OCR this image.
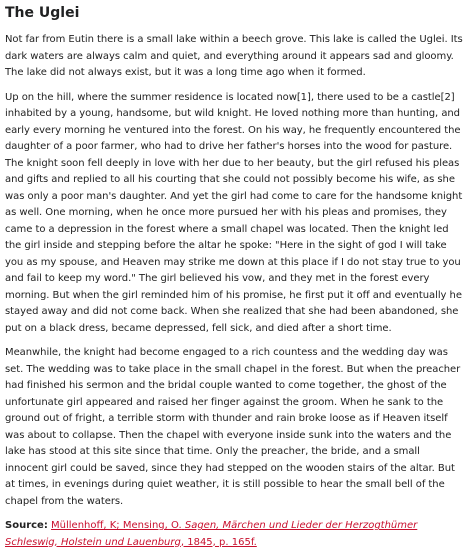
The Uglei

Not far from Eutin there is a small lake within a beech grove. This lake is called the Uglei. Its dark waters are always calm and quiet, and everything around it appears sad and gloomy. The lake did not always exist, but it was a long time ago when it formed.

Up on the hill, where the summer residence is located now[1], there used to be a castle[2] inhabited by a young, handsome, but wild knight. He loved nothing more than hunting, and early every morning he ventured into the forest. On his way, he frequently encountered the daughter of a poor farmer, who had to drive her father's horses into the wood for pasture. The knight soon fell deeply in love with her due to her beauty, but the girl refused his pleas and gifts and replied to all his courting that she could not possibly become his wife, as she was only a poor man's daughter. And yet the girl had come to care for the handsome knight as well. One morning, when he once more pursued her with his pleas and promises, they came to a depression in the forest where a small chapel was located. Then the knight led the girl inside and stepping before the altar he spoke: "Here in the sight of god I will take you as my spouse, and Heaven may strike me down at this place if I do not stay true to you and fail to keep my word." The girl believed his vow, and they met in the forest every morning. But when the girl reminded him of his promise, he first put it off and eventually he stayed away and did not come back. When she realized that she had been abandoned, she put on a black dress, became depressed, fell sick, and died after a short time.

Meanwhile, the knight had become engaged to a rich countess and the wedding day was set. The wedding was to take place in the small chapel in the forest. But when the preacher had finished his sermon and the bridal couple wanted to come together, the ghost of the unfortunate girl appeared and raised her finger against the groom. When he sank to the ground out of fright, a terrible storm with thunder and rain broke loose as if Heaven itself was about to collapse. Then the chapel with everyone inside sunk into the waters and the lake has stood at this site since that time. Only the preacher, the bride, and a small innocent girl could be saved, since they had stepped on the wooden stairs of the altar. But at times, in evenings during quiet weather, it is still possible to hear the small bell of the chapel from the waters.

Source: Müllenhoff, K; Mensing, O. Sagen, Märchen und Lieder der Herzogthümer Schleswig, Holstein und Lauenburg, 1845, p. 165f.
